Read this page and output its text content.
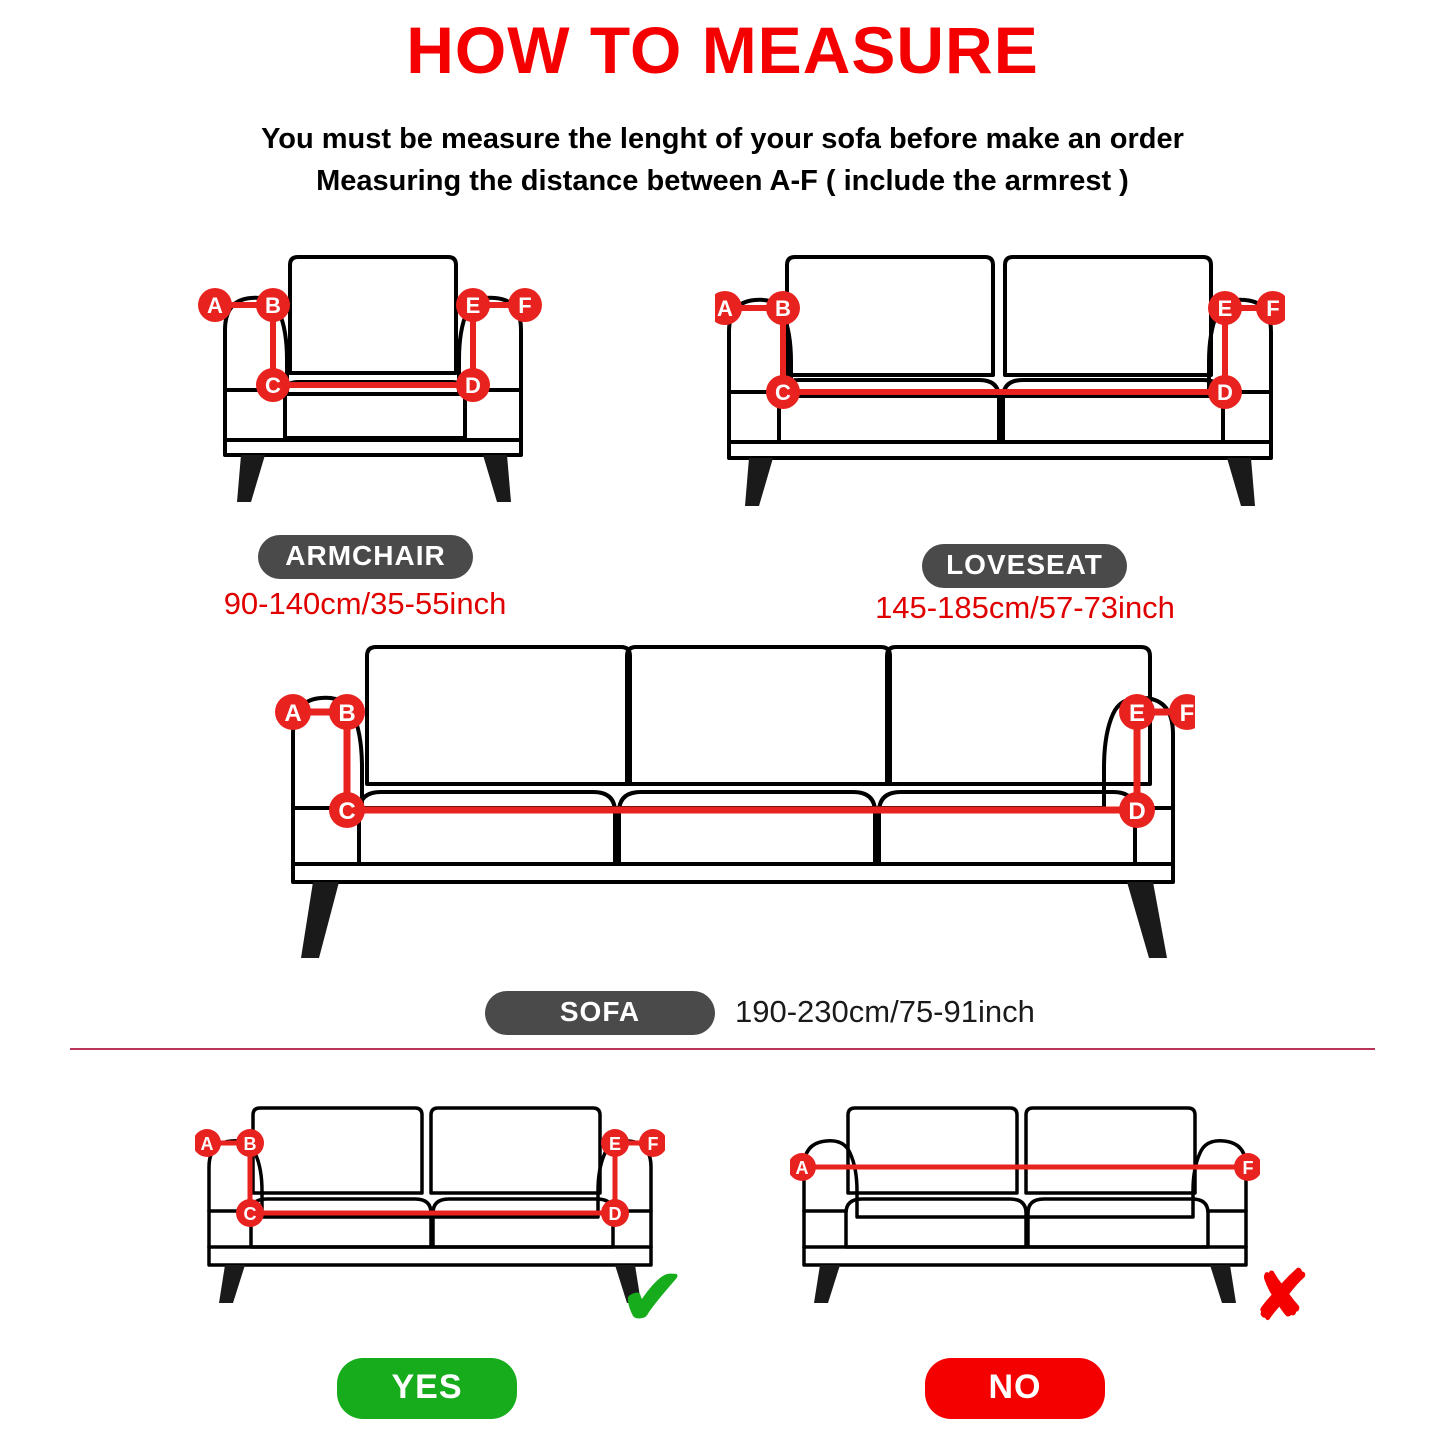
HOW TO MEASURE
You must be measure the lenght of your sofa before make an order
Measuring the distance between A-F ( include the armrest )
A B
C	D
E F
ARMCHAIR
90-140cm/35-55inch
A B
C	D
E F
LOVESEAT
145-185cm/57-73inch
A B
C	D
E F
SOFA	190-230cm/75-91inch
A B
C	D
E F
✔
YES
A	F
✘
NO
